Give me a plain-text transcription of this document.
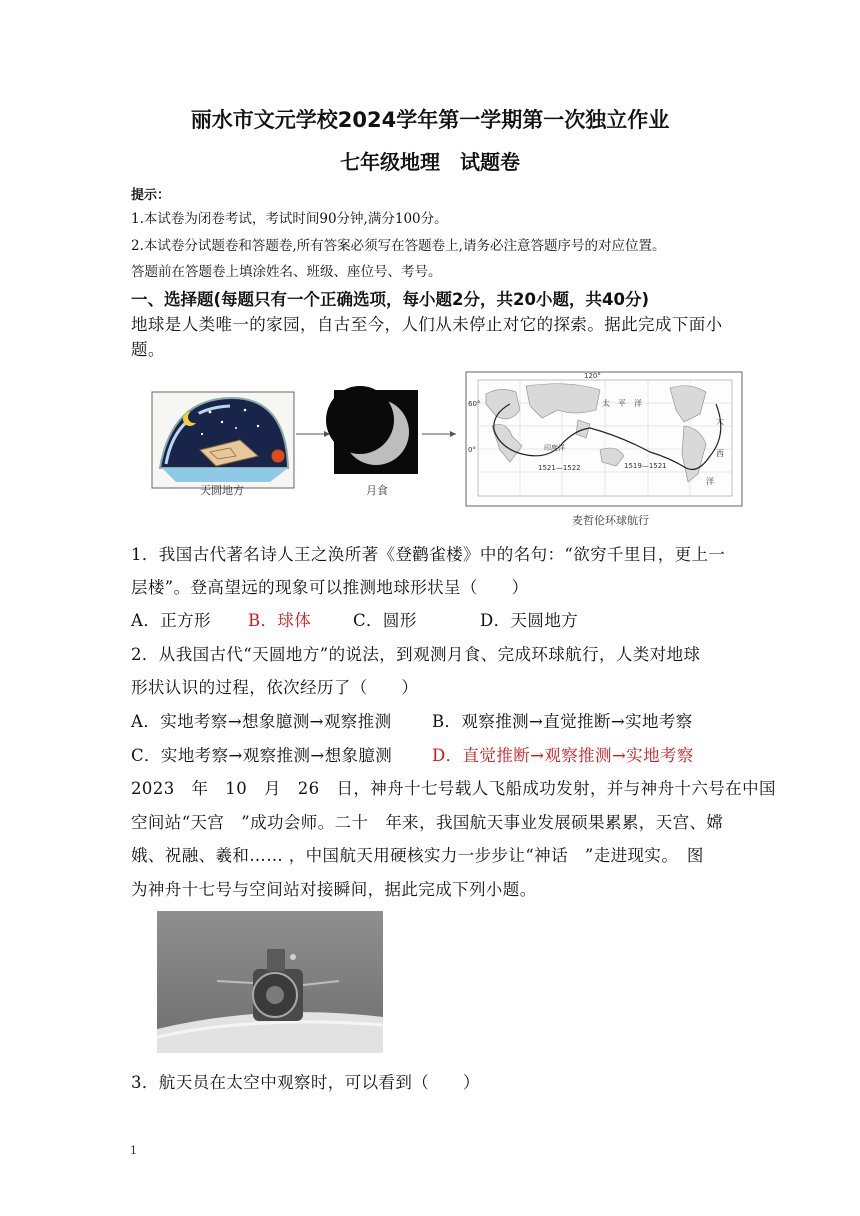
丽水市文元学校2024学年第一学期第一次独立作业
七年级地理　试题卷
提示：
1.本试卷为闭卷考试，考试时间90分钟,满分100分。
2.本试卷分试题卷和答题卷,所有答案必须写在答题卷上,请务必注意答题序号的对应位置。
答题前在答题卷上填涂姓名、班级、座位号、考号。
一、选择题(每题只有一个正确选项，每小题2分，共20小题，共40分)
地球是人类唯一的家园，自古至今，人们从未停止对它的探索。据此完成下面小
题。
120°
60°
0°
太 平 洋
印度洋
大
西
洋
1519—1521
1521—1522
天圆地方	月食
麦哲伦环球航行
1．我国古代著名诗人王之涣所著《登鹳雀楼》中的名句：“欲穷千里目，更上一
层楼”。登高望远的现象可以推测地球形状呈（　　）
A．正方形 B．球体	C．圆形	D．天圆地方
2．从我国古代“天圆地方”的说法，到观测月食、完成环球航行，人类对地球
形状认识的过程，依次经历了（　　）
A．实地考察→想象臆测→观察推测 B．观察推测→直觉推断→实地考察
C．实地考察→观察推测→想象臆测 D．直觉推断→观察推测→实地考察
2023　年　10　月　26　日，神舟十七号载人飞船成功发射，并与神舟十六号在中国
空间站“天宫　”成功会师。二十　年来，我国航天事业发展硕果累累，天宫、嫦
娥、祝融、羲和…… ，中国航天用硬核实力一步步让“神话　”走进现实。　图
为神舟十七号与空间站对接瞬间，据此完成下列小题。
3．航天员在太空中观察时，可以看到（　　）
1
